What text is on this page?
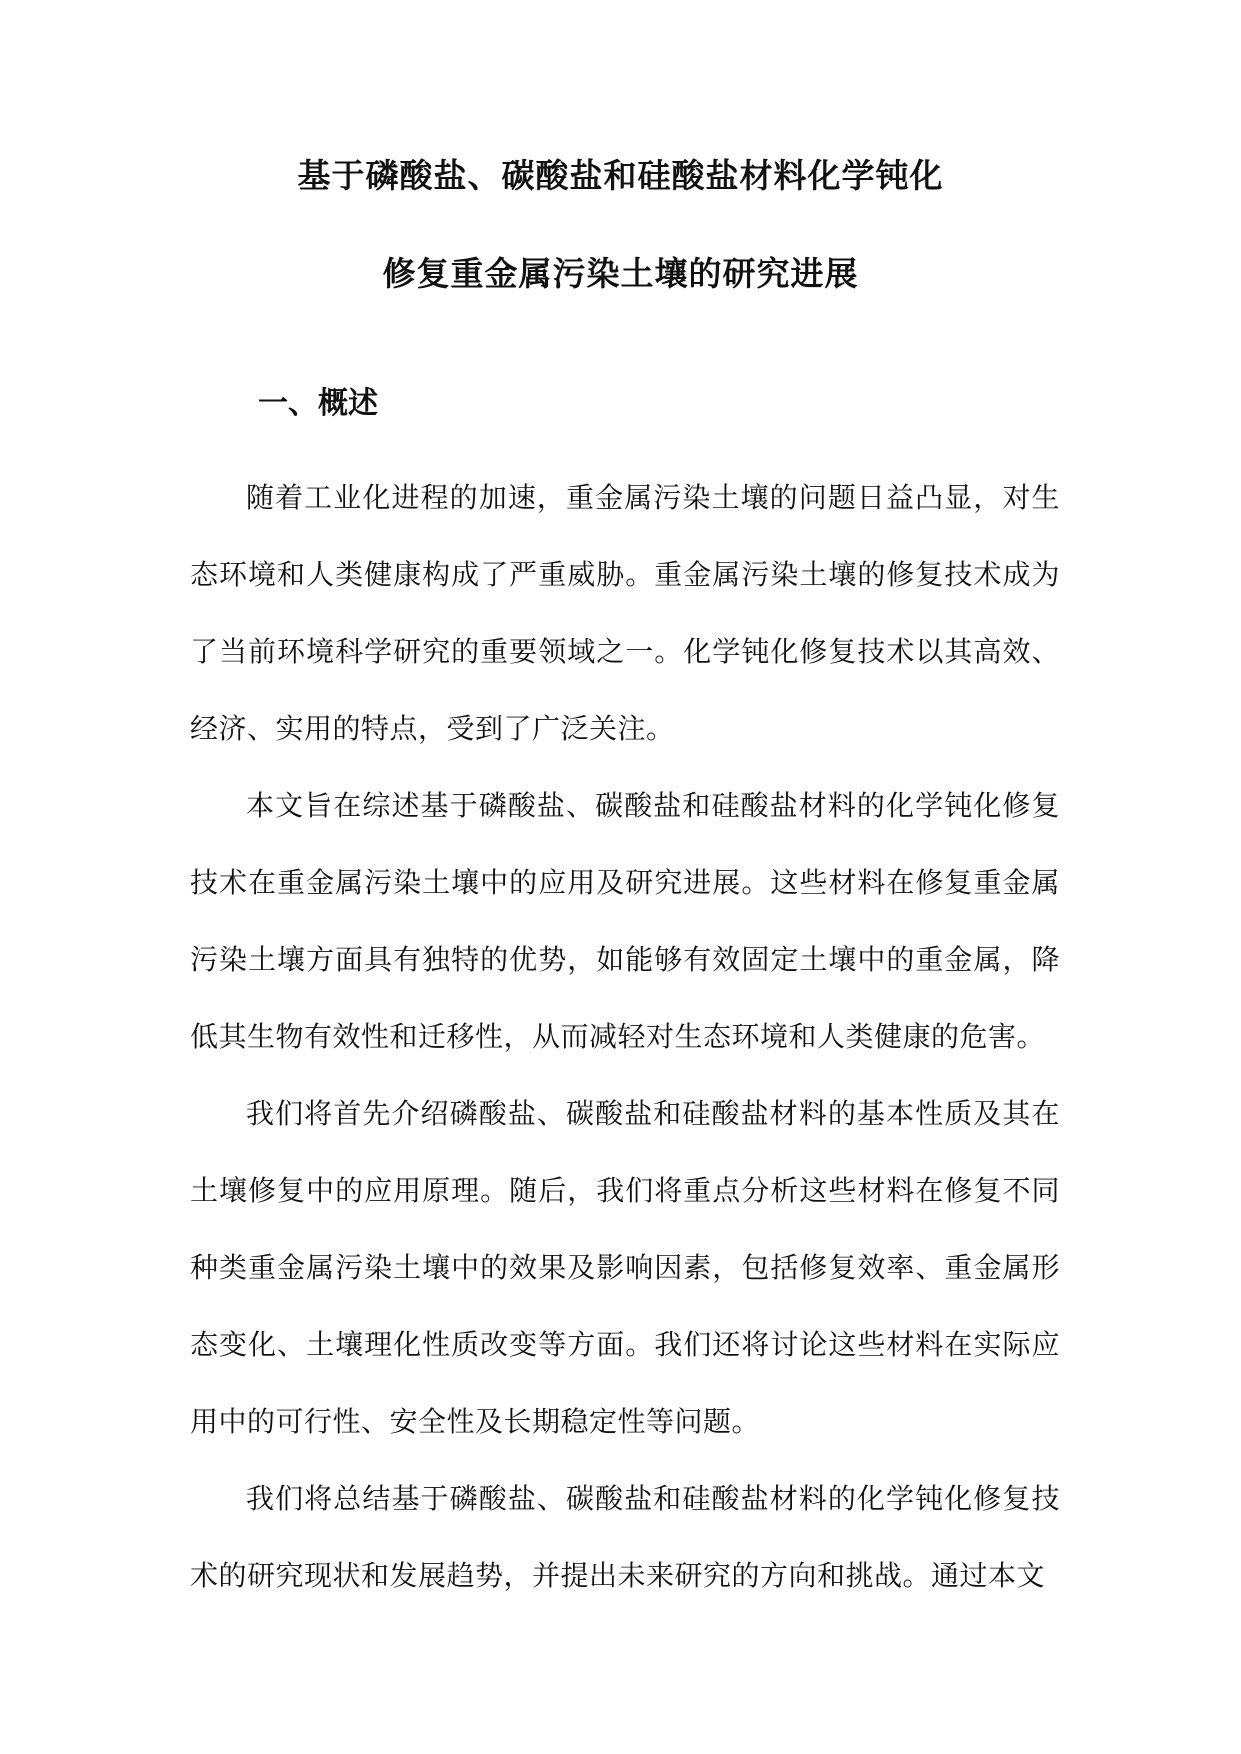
基于磷酸盐、碳酸盐和硅酸盐材料化学钝化
修复重金属污染土壤的研究进展
一、概述

随着工业化进程的加速，重金属污染土壤的问题日益凸显，对生态环境和人类健康构成了严重威胁。重金属污染土壤的修复技术成为了当前环境科学研究的重要领域之一。化学钝化修复技术以其高效、经济、实用的特点，受到了广泛关注。

本文旨在综述基于磷酸盐、碳酸盐和硅酸盐材料的化学钝化修复技术在重金属污染土壤中的应用及研究进展。这些材料在修复重金属污染土壤方面具有独特的优势，如能够有效固定土壤中的重金属，降低其生物有效性和迁移性，从而减轻对生态环境和人类健康的危害。

我们将首先介绍磷酸盐、碳酸盐和硅酸盐材料的基本性质及其在土壤修复中的应用原理。随后，我们将重点分析这些材料在修复不同种类重金属污染土壤中的效果及影响因素，包括修复效率、重金属形态变化、土壤理化性质改变等方面。我们还将讨论这些材料在实际应用中的可行性、安全性及长期稳定性等问题。

我们将总结基于磷酸盐、碳酸盐和硅酸盐材料的化学钝化修复技术的研究现状和发展趋势，并提出未来研究的方向和挑战。通过本文
